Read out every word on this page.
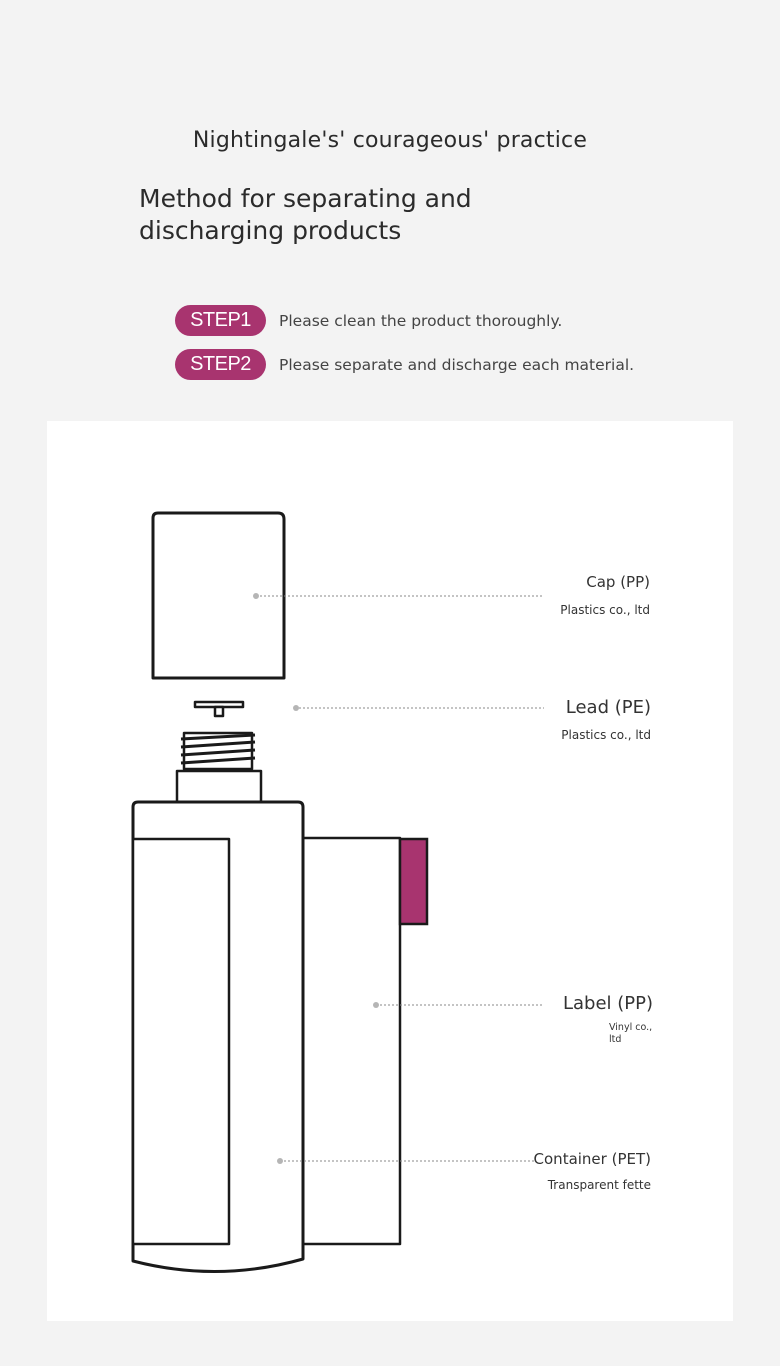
Nightingale's' courageous' practice
Method for separating and discharging products
STEP1	Please clean the product thoroughly.
STEP2	Please separate and discharge each material.
Cap (PP)
Plastics co., ltd
Lead (PE)
Plastics co., ltd
Label (PP)
Vinyl co., ltd
Container (PET)
Transparent fette
